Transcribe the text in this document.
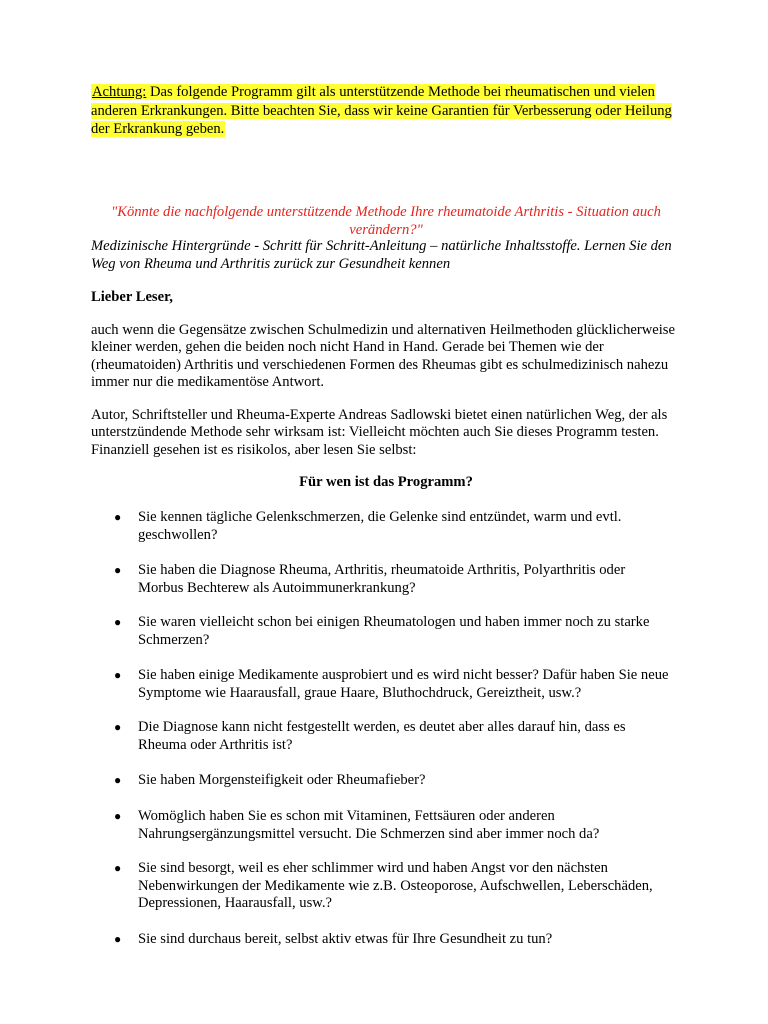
Achtung: Das folgende Programm gilt als unterstützende Methode bei rheumatischen und vielen anderen Erkrankungen. Bitte beachten Sie, dass wir keine Garantien für Verbesserung oder Heilung der Erkrankung geben.
"Könnte die nachfolgende unterstützende Methode Ihre rheumatoide Arthritis - Situation auch verändern?"
Medizinische Hintergründe - Schritt für Schritt-Anleitung – natürliche Inhaltsstoffe. Lernen Sie den Weg von Rheuma und Arthritis zurück zur Gesundheit kennen
Lieber Leser,
auch wenn die Gegensätze zwischen Schulmedizin und alternativen Heilmethoden glücklicherweise kleiner werden, gehen die beiden noch nicht Hand in Hand. Gerade bei Themen wie der (rheumatoiden) Arthritis und verschiedenen Formen des Rheumas gibt es schulmedizinisch nahezu immer nur die medikamentöse Antwort.
Autor, Schriftsteller und Rheuma-Experte Andreas Sadlowski bietet einen natürlichen Weg, der als unterstzündende Methode sehr wirksam ist: Vielleicht möchten auch Sie dieses Programm testen. Finanziell gesehen ist es risikolos, aber lesen Sie selbst:
Für wen ist das Programm?
●	Sie kennen tägliche Gelenkschmerzen, die Gelenke sind entzündet, warm und evtl. geschwollen?
●	Sie haben die Diagnose Rheuma, Arthritis, rheumatoide Arthritis, Polyarthritis oder Morbus Bechterew als Autoimmunerkrankung?
●	Sie waren vielleicht schon bei einigen Rheumatologen und haben immer noch zu starke Schmerzen?
●	Sie haben einige Medikamente ausprobiert und es wird nicht besser? Dafür haben Sie neue Symptome wie Haarausfall, graue Haare, Bluthochdruck, Gereiztheit, usw.?
●	Die Diagnose kann nicht festgestellt werden, es deutet aber alles darauf hin, dass es Rheuma oder Arthritis ist?
●	Sie haben Morgensteifigkeit oder Rheumafieber?
●	Womöglich haben Sie es schon mit Vitaminen, Fettsäuren oder anderen Nahrungsergänzungsmittel versucht. Die Schmerzen sind aber immer noch da?
●	Sie sind besorgt, weil es eher schlimmer wird und haben Angst vor den nächsten Nebenwirkungen der Medikamente wie z.B. Osteoporose, Aufschwellen, Leberschäden, Depressionen, Haarausfall, usw.?
●	Sie sind durchaus bereit, selbst aktiv etwas für Ihre Gesundheit zu tun?
